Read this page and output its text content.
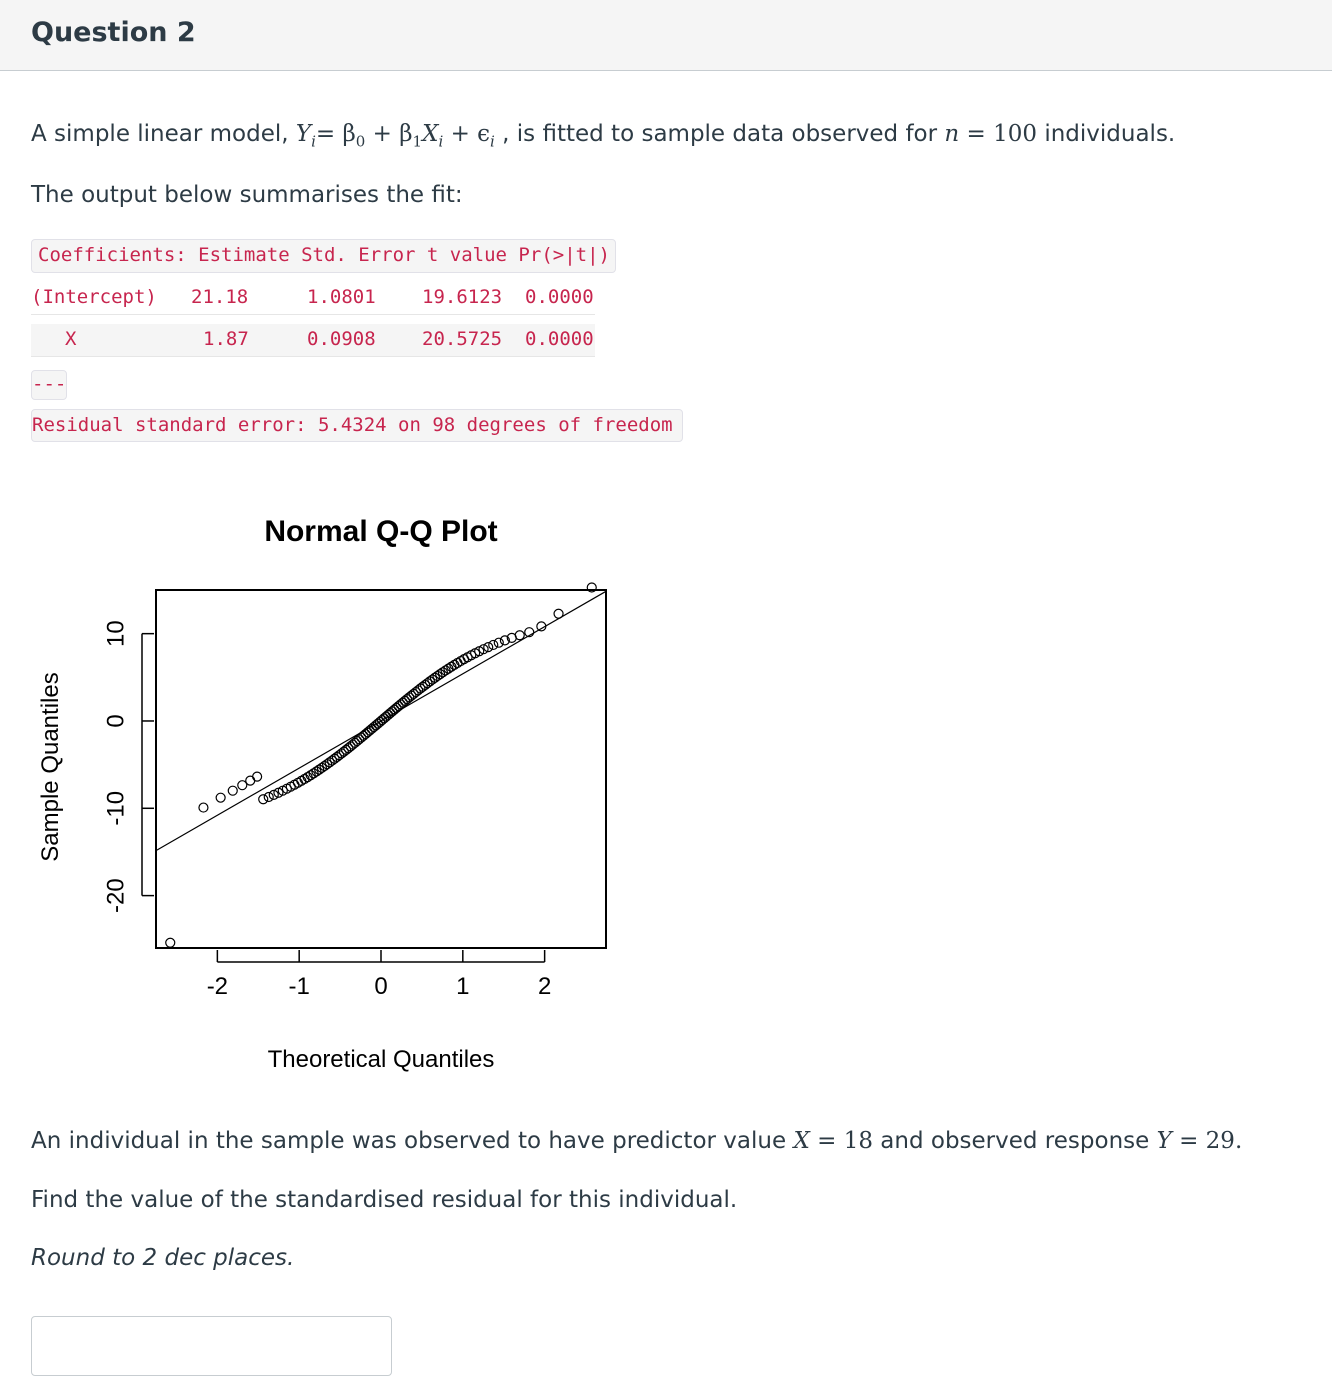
Question 2
A simple linear model, $Y_i= \beta_0 + \beta_1X_i + \epsilon_i$ , is fitted to sample data observed for n = 100 individuals.
The output below summarises the fit:
Coefficients: Estimate Std. Error t value Pr(>|t|)
(Intercept) 21.18	1.0801 19.6123 0.0000
X	1.87	0.0908 20.5725 0.0000
---
Residual standard error: 5.4324 on 98 degrees of freedom
Normal Q-Q Plot
Theoretical Quantiles
Sample Quantiles
-2	-1	0	1	2
-20
-10
0
10
An individual in the sample was observed to have predictor value X = 18 and observed response Y = 29.
Find the value of the standardised residual for this individual.
Round to 2 dec places.
